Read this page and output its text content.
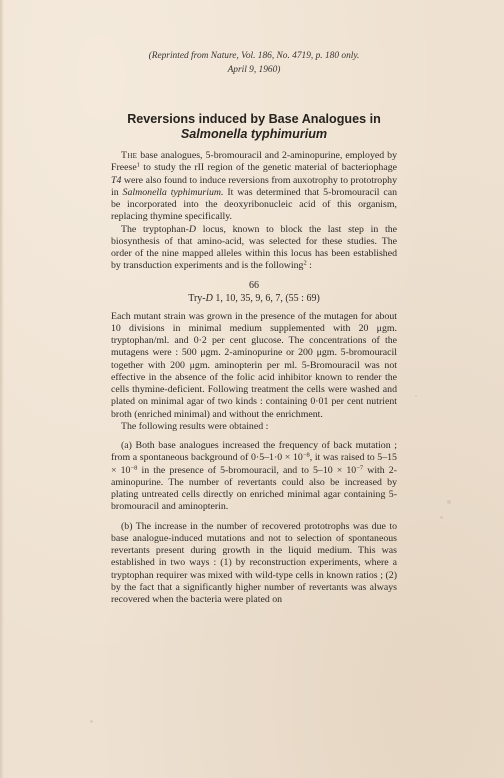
(Reprinted from Nature, Vol. 186, No. 4719, p. 180 only.
April 9, 1960)
Reversions induced by Base Analogues in
Salmonella typhimurium

The base analogues, 5-bromouracil and 2-aminopurine, employed by Freese$^1$ to study the rII region of the genetic material of bacteriophage T4 were also found to induce reversions from auxotrophy to prototrophy in Salmonella typhimurium. It was determined that 5-bromouracil can be incorporated into the deoxyribonucleic acid of this organism, replacing thymine specifically.

The tryptophan-D locus, known to block the last step in the biosynthesis of that amino-acid, was selected for these studies. The order of the nine mapped alleles within this locus has been established by transduction experiments and is the following$^2$ :

66
Try-D 1, 10, 35, 9, 6, 7, (55 : 69)

Each mutant strain was grown in the presence of the mutagen for about 10 divisions in minimal medium supplemented with 20 μgm. tryptophan/ml. and 0·2 per cent glucose. The concentrations of the mutagens were : 500 μgm. 2-aminopurine or 200 μgm. 5-bromouracil together with 200 μgm. aminopterin per ml. 5-Bromouracil was not effective in the absence of the folic acid inhibitor known to render the cells thymine-deficient. Following treatment the cells were washed and plated on minimal agar of two kinds : containing 0·01 per cent nutrient broth (enriched minimal) and without the enrichment.

The following results were obtained :

(a) Both base analogues increased the frequency of back mutation ; from a spontaneous background of $0\cdot 5-1\cdot 0 \times 10^{-8}$, it was raised to $5-15 \times 10^{-8}$ in the presence of 5-bromouracil, and to $5-10 \times 10^{-7}$ with 2-aminopurine. The number of revertants could also be increased by plating untreated cells directly on enriched minimal agar containing 5-bromouracil and aminopterin.

(b) The increase in the number of recovered prototrophs was due to base analogue-induced mutations and not to selection of spontaneous revertants present during growth in the liquid medium. This was established in two ways : (1) by reconstruction experiments, where a tryptophan requirer was mixed with wild-type cells in known ratios ; (2) by the fact that a significantly higher number of revertants was always recovered when the bacteria were plated on
